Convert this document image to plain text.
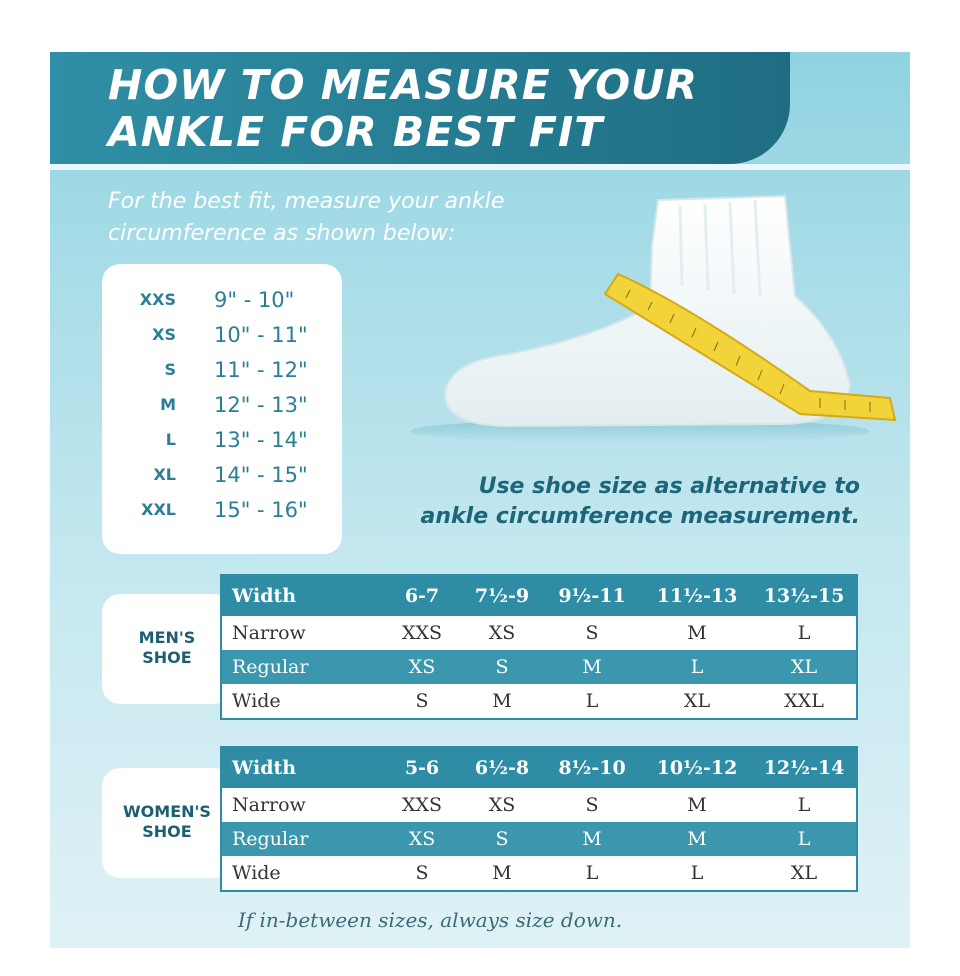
HOW TO MEASURE YOUR
ANKLE FOR BEST FIT
For the best fit, measure your ankle
circumference as shown below:
XXS 9" - 10"
XS 10" - 11"
S 11" - 12"
M 12" - 13"
L 13" - 14"
XL 14" - 15"
XXL 15" - 16"
Use shoe size as alternative to
ankle circumference measurement.
MEN'S
SHOE
Width	6-7	7½-9	9½-11	11½-13	13½-15
Narrow	XXS	XS	S	M	L
Regular	XS	S	M	L	XL
Wide	S	M	L	XL	XXL
WOMEN'S
SHOE
Width	5-6	6½-8	8½-10	10½-12	12½-14
Narrow	XXS	XS	S	M	L
Regular	XS	S	M	M	L
Wide	S	M	L	L	XL
If in-between sizes, always size down.
